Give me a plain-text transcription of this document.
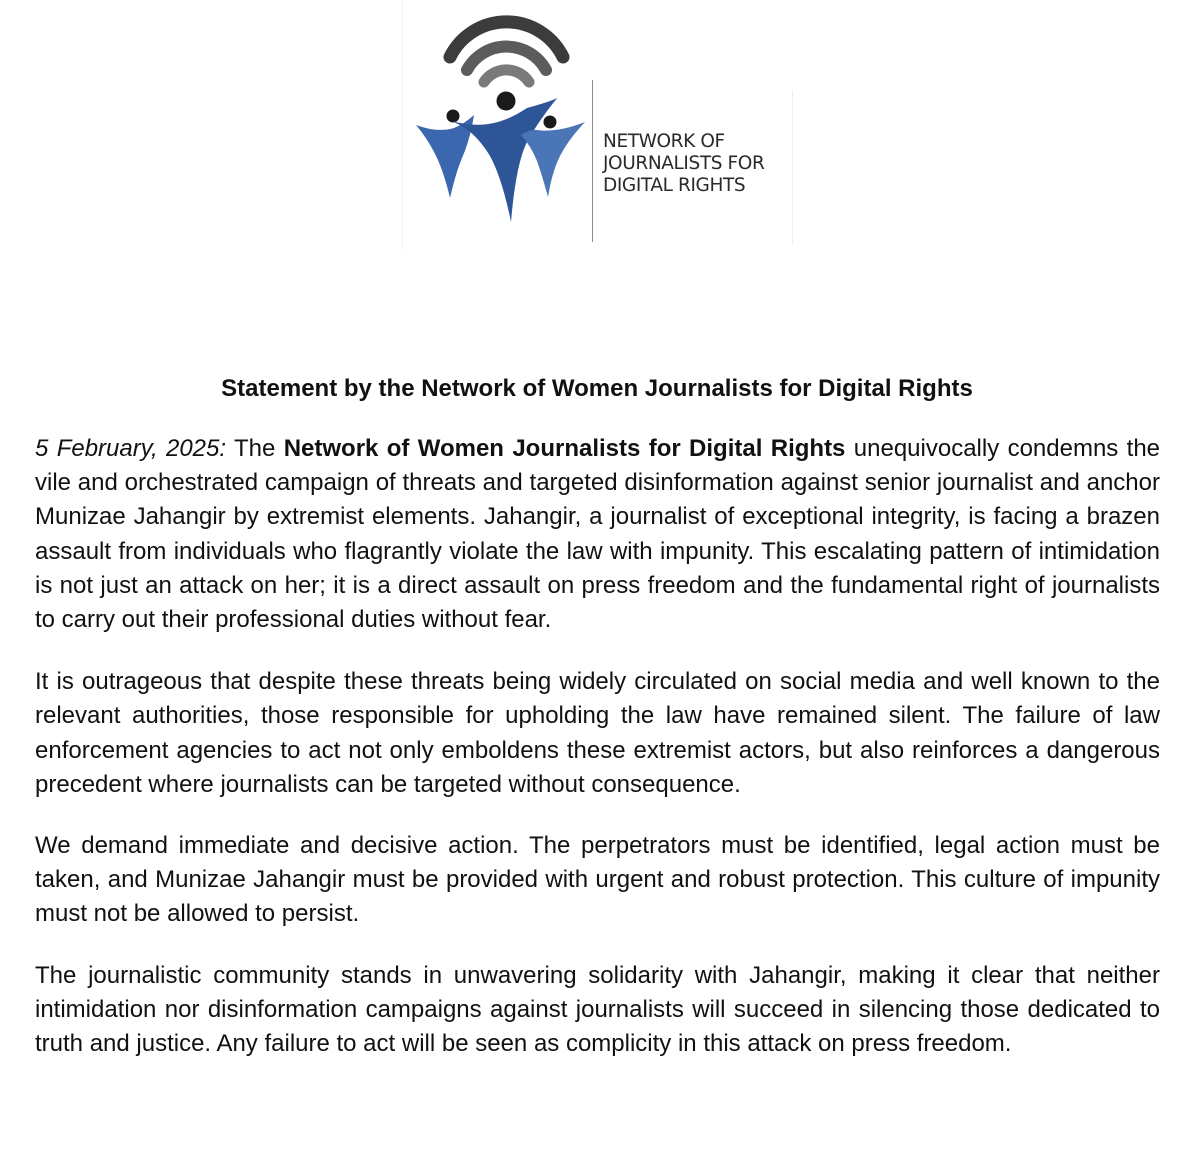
NETWORK OF
JOURNALISTS FOR
DIGITAL RIGHTS
Statement by the Network of Women Journalists for Digital Rights

5 February, 2025: The Network of Women Journalists for Digital Rights unequivocally condemns the vile and orchestrated campaign of threats and targeted disinformation against senior journalist and anchor Munizae Jahangir by extremist elements. Jahangir, a journalist of exceptional integrity, is facing a brazen assault from individuals who flagrantly violate the law with impunity. This escalating pattern of intimidation is not just an attack on her; it is a direct assault on press freedom and the fundamental right of journalists to carry out their professional duties without fear.

It is outrageous that despite these threats being widely circulated on social media and well known to the relevant authorities, those responsible for upholding the law have remained silent. The failure of law enforcement agencies to act not only emboldens these extremist actors, but also reinforces a dangerous precedent where journalists can be targeted without consequence.

We demand immediate and decisive action. The perpetrators must be identified, legal action must be taken, and Munizae Jahangir must be provided with urgent and robust protection. This culture of impunity must not be allowed to persist.

The journalistic community stands in unwavering solidarity with Jahangir, making it clear that neither intimidation nor disinformation campaigns against journalists will succeed in silencing those dedicated to truth and justice. Any failure to act will be seen as complicity in this attack on press freedom.
